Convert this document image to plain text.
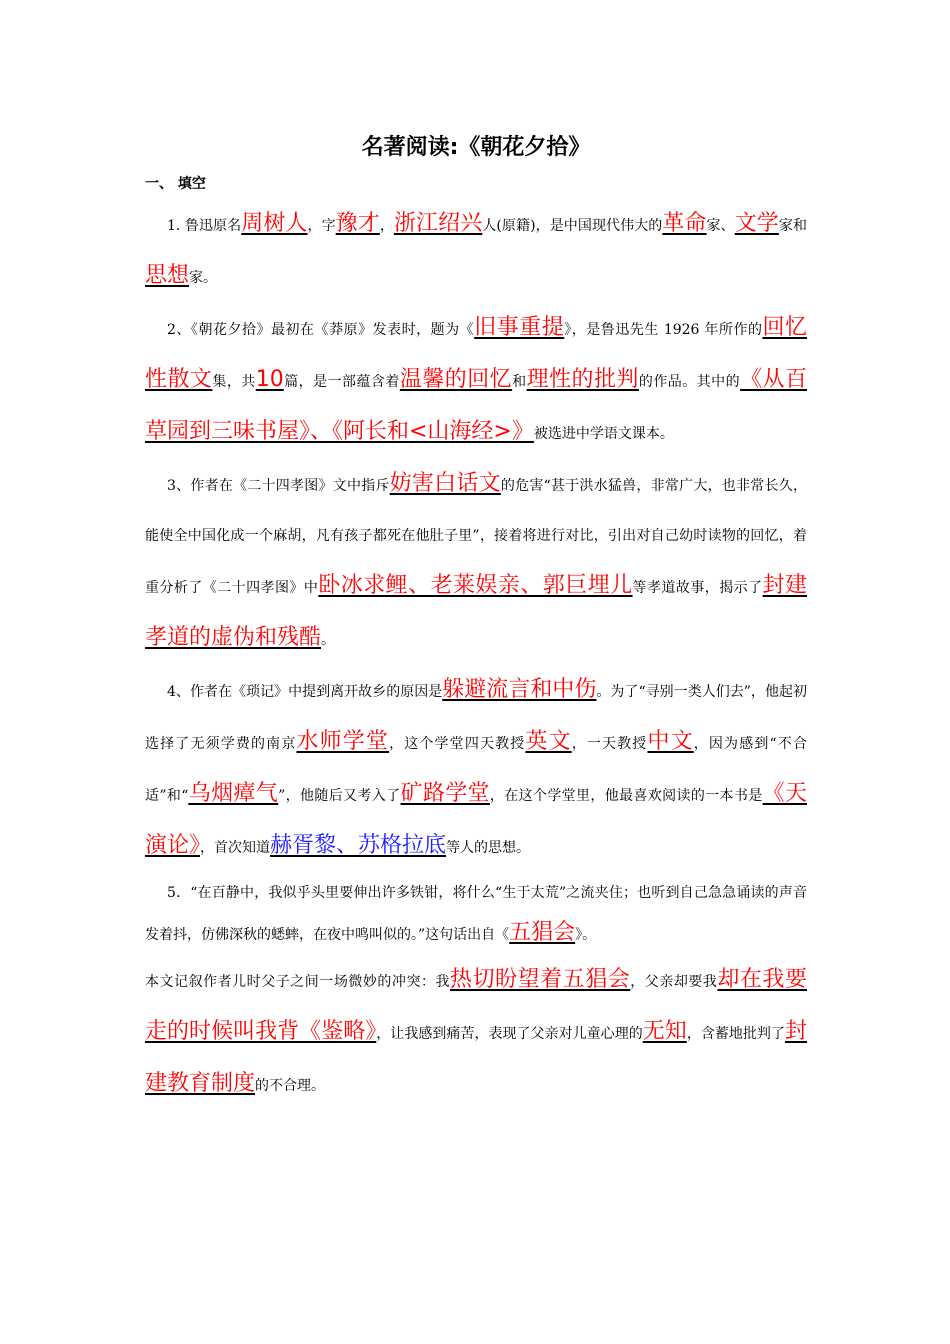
名著阅读:《朝花夕拾》
一、 填空

1. 鲁迅原名周树人，字豫才，浙江绍兴人(原籍)，是中国现代伟大的革命家、文学家和思想家。

2、《朝花夕拾》最初在《莽原》发表时，题为《旧事重提》，是鲁迅先生 1926 年所作的回忆性散文集，共10篇，是一部蕴含着温馨的回忆和理性的批判的作品。其中的《从百草园到三味书屋》、《阿长和<山海经>》被选进中学语文课本。

3、作者在《二十四孝图》文中指斥妨害白话文的危害“甚于洪水猛兽，非常广大，也非常长久，能使全中国化成一个麻胡，凡有孩子都死在他肚子里”，接着将进行对比，引出对自己幼时读物的回忆，着重分析了《二十四孝图》中卧冰求鲤、老莱娱亲、郭巨埋儿等孝道故事，揭示了封建孝道的虚伪和残酷。

4、作者在《琐记》中提到离开故乡的原因是躲避流言和中伤。为了“寻别一类人们去”，他起初选择了无须学费的南京水师学堂，这个学堂四天教授英文，一天教授中文，因为感到“不合适”和“乌烟瘴气”，他随后又考入了矿路学堂，在这个学堂里，他最喜欢阅读的一本书是《天演论》，首次知道赫胥黎、苏格拉底等人的思想。

5．“在百静中，我似乎头里要伸出许多铁钳，将什么“生于太荒”之流夹住；也听到自己急急诵读的声音发着抖，仿佛深秋的蟋蟀，在夜中鸣叫似的。”这句话出自《五猖会》。

本文记叙作者儿时父子之间一场微妙的冲突：我热切盼望着五猖会，父亲却要我却在我要走的时候叫我背《鉴略》，让我感到痛苦，表现了父亲对儿童心理的无知，含蓄地批判了封建教育制度的不合理。
